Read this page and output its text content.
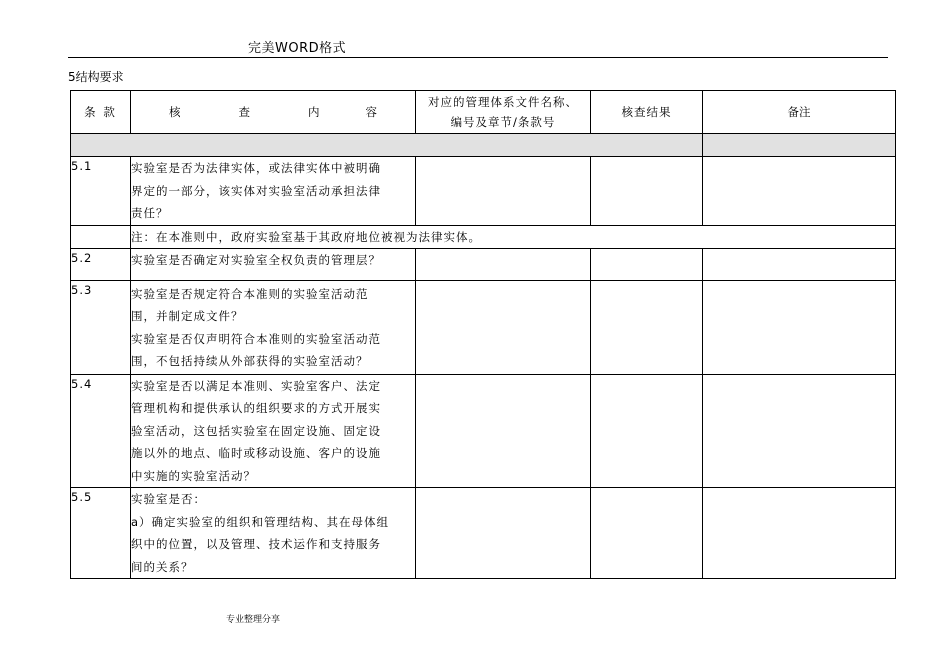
完美WORD格式
5结构要求
条 款	核 查 内 容	对应的管理体系文件名称、
编号及章节/条款号	核查结果	备注

5.1	实验室是否为法律实体，或法律实体中被明确
界定的一部分，该实体对实验室活动承担法律
责任？			

	注：在本准则中，政府实验室基于其政府地位被视为法律实体。			
5.2	实验室是否确定对实验室全权负责的管理层？			

5.3	实验室是否规定符合本准则的实验室活动范
围，并制定成文件？
实验室是否仅声明符合本准则的实验室活动范
围，不包括持续从外部获得的实验室活动？			

5.4	实验室是否以满足本准则、实验室客户、法定
管理机构和提供承认的组织要求的方式开展实
验室活动，这包括实验室在固定设施、固定设
施以外的地点、临时或移动设施、客户的设施
中实施的实验室活动？			

5.5	实验室是否：
a）确定实验室的组织和管理结构、其在母体组
织中的位置，以及管理、技术运作和支持服务
间的关系？			

专业整理分享
